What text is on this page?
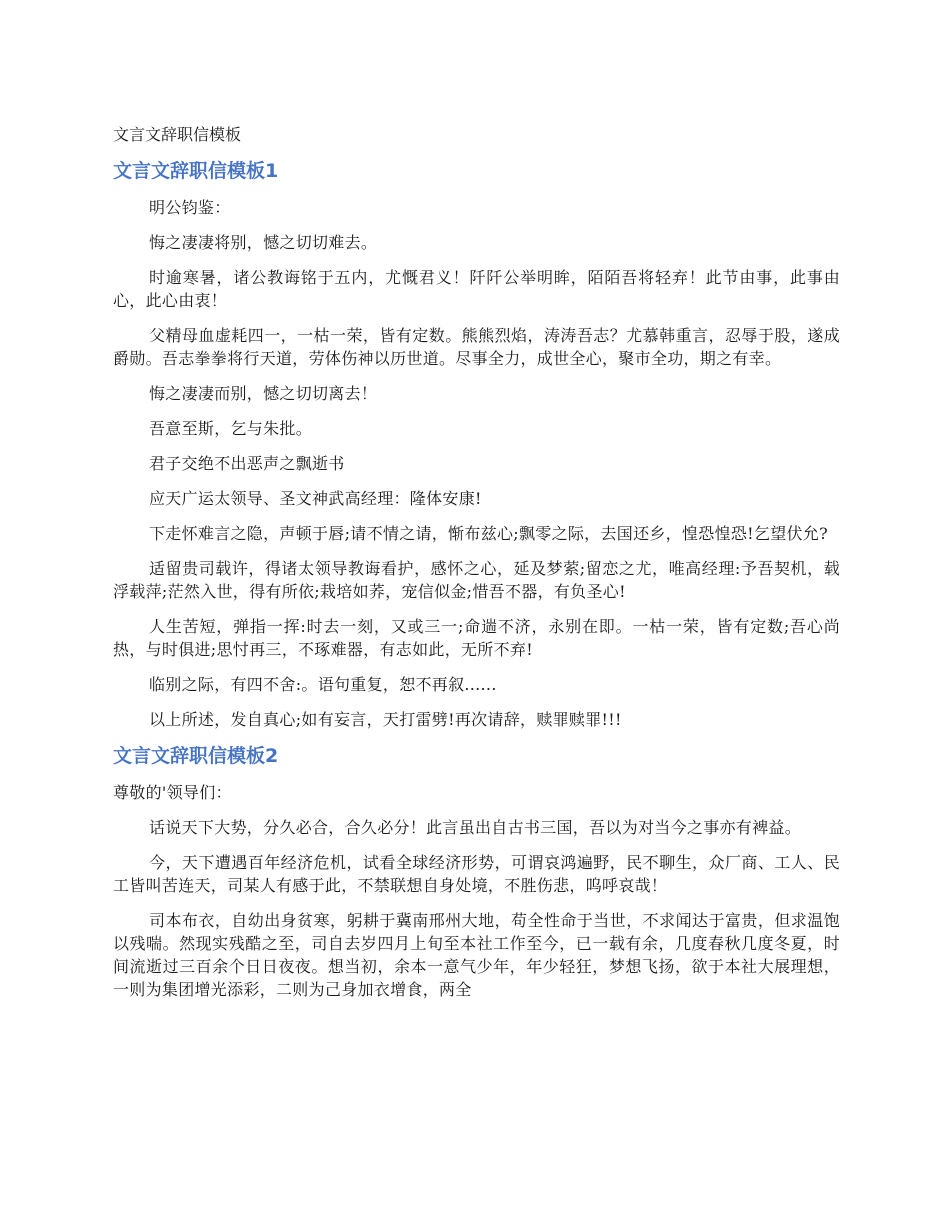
文言文辞职信模板
文言文辞职信模板1

明公钧鉴：

悔之凄凄将别，憾之切切难去。

时逾寒暑，诸公教诲铭于五内，尤慨君义！阡阡公举明眸，陌陌吾将轻弃！此节由事，此事由心，此心由衷！

父精母血虚耗四一，一枯一荣，皆有定数。熊熊烈焰，涛涛吾志？尤慕韩重言，忍辱于股，遂成爵勋。吾志拳拳将行天道，劳体伤神以历世道。尽事全力，成世全心，聚市全功，期之有幸。

悔之凄凄而别，憾之切切离去！

吾意至斯，乞与朱批。

君子交绝不出恶声之飘逝书

应天广运太领导、圣文神武高经理：隆体安康!

下走怀难言之隐，声顿于唇;请不情之请，惭布兹心;飘零之际，去国还乡，惶恐惶恐!乞望伏允?

适留贵司载许，得诸太领导教诲看护，感怀之心，延及梦萦;留恋之尤，唯高经理:予吾契机，载浮载萍;茫然入世，得有所依;栽培如荞，宠信似金;惜吾不器，有负圣心!

人生苦短，弹指一挥:时去一刻，又或三一;命遄不济，永别在即。一枯一荣，皆有定数;吾心尚热，与时俱进;思忖再三，不琢难器，有志如此，无所不弃!

临别之际，有四不舍:。语句重复，恕不再叙......

以上所述，发自真心;如有妄言，天打雷劈!再次请辞，赎罪赎罪!!!

文言文辞职信模板2

尊敬的'领导们：

话说天下大势，分久必合，合久必分！此言虽出自古书三国，吾以为对当今之事亦有裨益。

今，天下遭遇百年经济危机，试看全球经济形势，可谓哀鸿遍野，民不聊生，众厂商、工人、民工皆叫苦连天，司某人有感于此，不禁联想自身处境，不胜伤悲，呜呼哀哉！

司本布衣，自幼出身贫寒，躬耕于冀南邢州大地，苟全性命于当世，不求闻达于富贵，但求温饱以残喘。然现实残酷之至，司自去岁四月上旬至本社工作至今，已一载有余，几度春秋几度冬夏，时间流逝过三百余个日日夜夜。想当初，余本一意气少年，年少轻狂，梦想飞扬，欲于本社大展理想，一则为集团增光添彩，二则为己身加衣增食，两全
